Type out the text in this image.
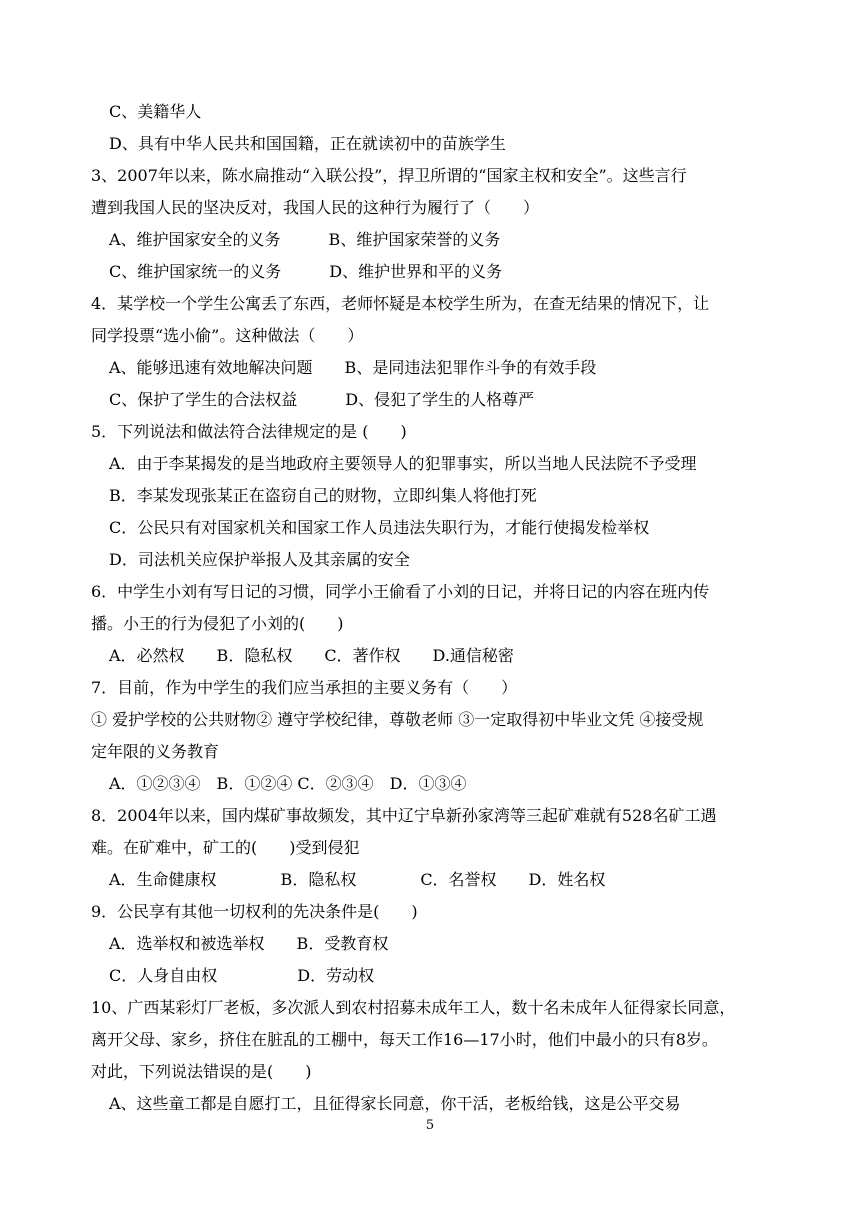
C、美籍华人
D、具有中华人民共和国国籍，正在就读初中的苗族学生
3、2007年以来，陈水扁推动“入联公投”，捍卫所谓的“国家主权和安全”。这些言行
遭到我国人民的坚决反对，我国人民的这种行为履行了（　　）
A、维护国家安全的义务　　　B、维护国家荣誉的义务
C、维护国家统一的义务　　　D、维护世界和平的义务
4．某学校一个学生公寓丢了东西，老师怀疑是本校学生所为，在查无结果的情况下，让
同学投票“选小偷”。这种做法（　　）
A、能够迅速有效地解决问题　　B、是同违法犯罪作斗争的有效手段
C、保护了学生的合法权益　　　D、侵犯了学生的人格尊严
5．下列说法和做法符合法律规定的是 (　　)
A．由于李某揭发的是当地政府主要领导人的犯罪事实，所以当地人民法院不予受理
B．李某发现张某正在盗窃自己的财物，立即纠集人将他打死
C．公民只有对国家机关和国家工作人员违法失职行为，才能行使揭发检举权
D．司法机关应保护举报人及其亲属的安全
6．中学生小刘有写日记的习惯，同学小王偷看了小刘的日记，并将日记的内容在班内传
播。小王的行为侵犯了小刘的(　　)
A．必然权　　B．隐私权　　C．著作权　　D.通信秘密
7．目前，作为中学生的我们应当承担的主要义务有（　　）
① 爱护学校的公共财物② 遵守学校纪律，尊敬老师 ③一定取得初中毕业文凭 ④接受规
定年限的义务教育
A．①②③④　B．①②④ C．②③④　D．①③④
8．2004年以来，国内煤矿事故频发，其中辽宁阜新孙家湾等三起矿难就有528名矿工遇
难。在矿难中，矿工的(　　)受到侵犯
A．生命健康权　　　　B．隐私权　　　　C．名誉权　　D．姓名权
9．公民享有其他一切权利的先决条件是(　　)
A．选举权和被选举权　　B．受教育权
C．人身自由权　　　　　D．劳动权
10、广西某彩灯厂老板，多次派人到农村招募未成年工人，数十名未成年人征得家长同意，
离开父母、家乡，挤住在脏乱的工棚中，每天工作16—17小时，他们中最小的只有8岁。
对此，下列说法错误的是(　　)
A、这些童工都是自愿打工，且征得家长同意，你干活，老板给钱，这是公平交易
5
